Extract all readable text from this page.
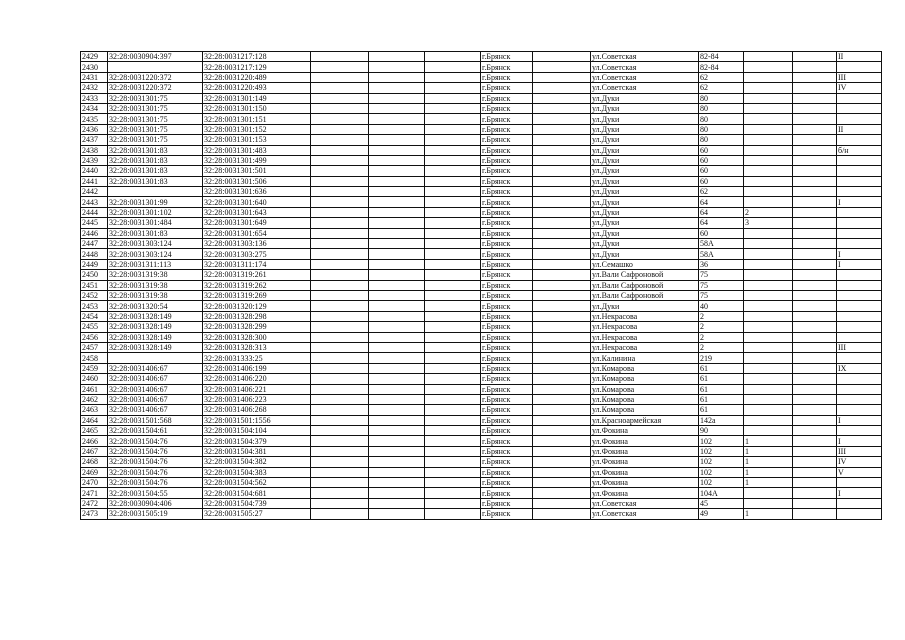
2429	32:28:0030904:397	32:28:0031217:128				г.Брянск		ул.Советская	82-84			II
2430		32:28:0031217:129				г.Брянск		ул.Советская	82-84			
2431	32:28:0031220:372	32:28:0031220:489				г.Брянск		ул.Советская	62			III
2432	32:28:0031220:372	32:28:0031220:493				г.Брянск		ул.Советская	62			IV
2433	32:28:0031301:75	32:28:0031301:149				г.Брянск		ул.Дуки	80			
2434	32:28:0031301:75	32:28:0031301:150				г.Брянск		ул.Дуки	80			
2435	32:28:0031301:75	32:28:0031301:151				г.Брянск		ул.Дуки	80			
2436	32:28:0031301:75	32:28:0031301:152				г.Брянск		ул.Дуки	80			II
2437	32:28:0031301:75	32:28:0031301:153				г.Брянск		ул.Дуки	80			
2438	32:28:0031301:83	32:28:0031301:483				г.Брянск		ул.Дуки	60			б/н
2439	32:28:0031301:83	32:28:0031301:499				г.Брянск		ул.Дуки	60			
2440	32:28:0031301:83	32:28:0031301:501				г.Брянск		ул.Дуки	60			
2441	32:28:0031301:83	32:28:0031301:506				г.Брянск		ул.Дуки	60			
2442		32:28:0031301:636				г.Брянск		ул.Дуки	62			
2443	32:28:0031301:99	32:28:0031301:640				г.Брянск		ул.Дуки	64			I
2444	32:28:0031301:102	32:28:0031301:643				г.Брянск		ул.Дуки	64	2		
2445	32:28:0031301:484	32:28:0031301:649				г.Брянск		ул.Дуки	64	3		
2446	32:28:0031301:83	32:28:0031301:654				г.Брянск		ул.Дуки	60			
2447	32:28:0031303:124	32:28:0031303:136				г.Брянск		ул.Дуки	58А			
2448	32:28:0031303:124	32:28:0031303:275				г.Брянск		ул.Дуки	58А			I
2449	32:28:0031311:113	32:28:0031311:174				г.Брянск		ул.Семашко	36			I
2450	32:28:0031319:38	32:28:0031319:261				г.Брянск		ул.Вали Сафроновой	75			
2451	32:28:0031319:38	32:28:0031319:262				г.Брянск		ул.Вали Сафроновой	75			
2452	32:28:0031319:38	32:28:0031319:269				г.Брянск		ул.Вали Сафроновой	75			
2453	32:28:0031320:54	32:28:0031320:129				г.Брянск		ул.Дуки	40			
2454	32:28:0031328:149	32:28:0031328:298				г.Брянск		ул.Некрасова	2			
2455	32:28:0031328:149	32:28:0031328:299				г.Брянск		ул.Некрасова	2			
2456	32:28:0031328:149	32:28:0031328:300				г.Брянск		ул.Некрасова	2			
2457	32:28:0031328:149	32:28:0031328:313				г.Брянск		ул.Некрасова	2			III
2458		32:28:0031333:25				г.Брянск		ул.Калинина	219			
2459	32:28:0031406:67	32:28:0031406:199				г.Брянск		ул.Комарова	61			IX
2460	32:28:0031406:67	32:28:0031406:220				г.Брянск		ул.Комарова	61			
2461	32:28:0031406:67	32:28:0031406:221				г.Брянск		ул.Комарова	61			
2462	32:28:0031406:67	32:28:0031406:223				г.Брянск		ул.Комарова	61			
2463	32:28:0031406:67	32:28:0031406:268				г.Брянск		ул.Комарова	61			
2464	32:28:0031501:568	32:28:0031501:1556				г.Брянск		ул.Красноармейская	142а			I
2465	32:28:0031504:61	32:28:0031504:104				г.Брянск		ул.Фокина	90			
2466	32:28:0031504:76	32:28:0031504:379				г.Брянск		ул.Фокина	102	1		I
2467	32:28:0031504:76	32:28:0031504:381				г.Брянск		ул.Фокина	102	1		III
2468	32:28:0031504:76	32:28:0031504:382				г.Брянск		ул.Фокина	102	1		IV
2469	32:28:0031504:76	32:28:0031504:383				г.Брянск		ул.Фокина	102	1		V
2470	32:28:0031504:76	32:28:0031504:562				г.Брянск		ул.Фокина	102	1		
2471	32:28:0031504:55	32:28:0031504:681				г.Брянск		ул.Фокина	104А			I
2472	32:28:0030904:406	32:28:0031504:739				г.Брянск		ул.Советская	45			
2473	32:28:0031505:19	32:28:0031505:27				г.Брянск		ул.Советская	49	1		
